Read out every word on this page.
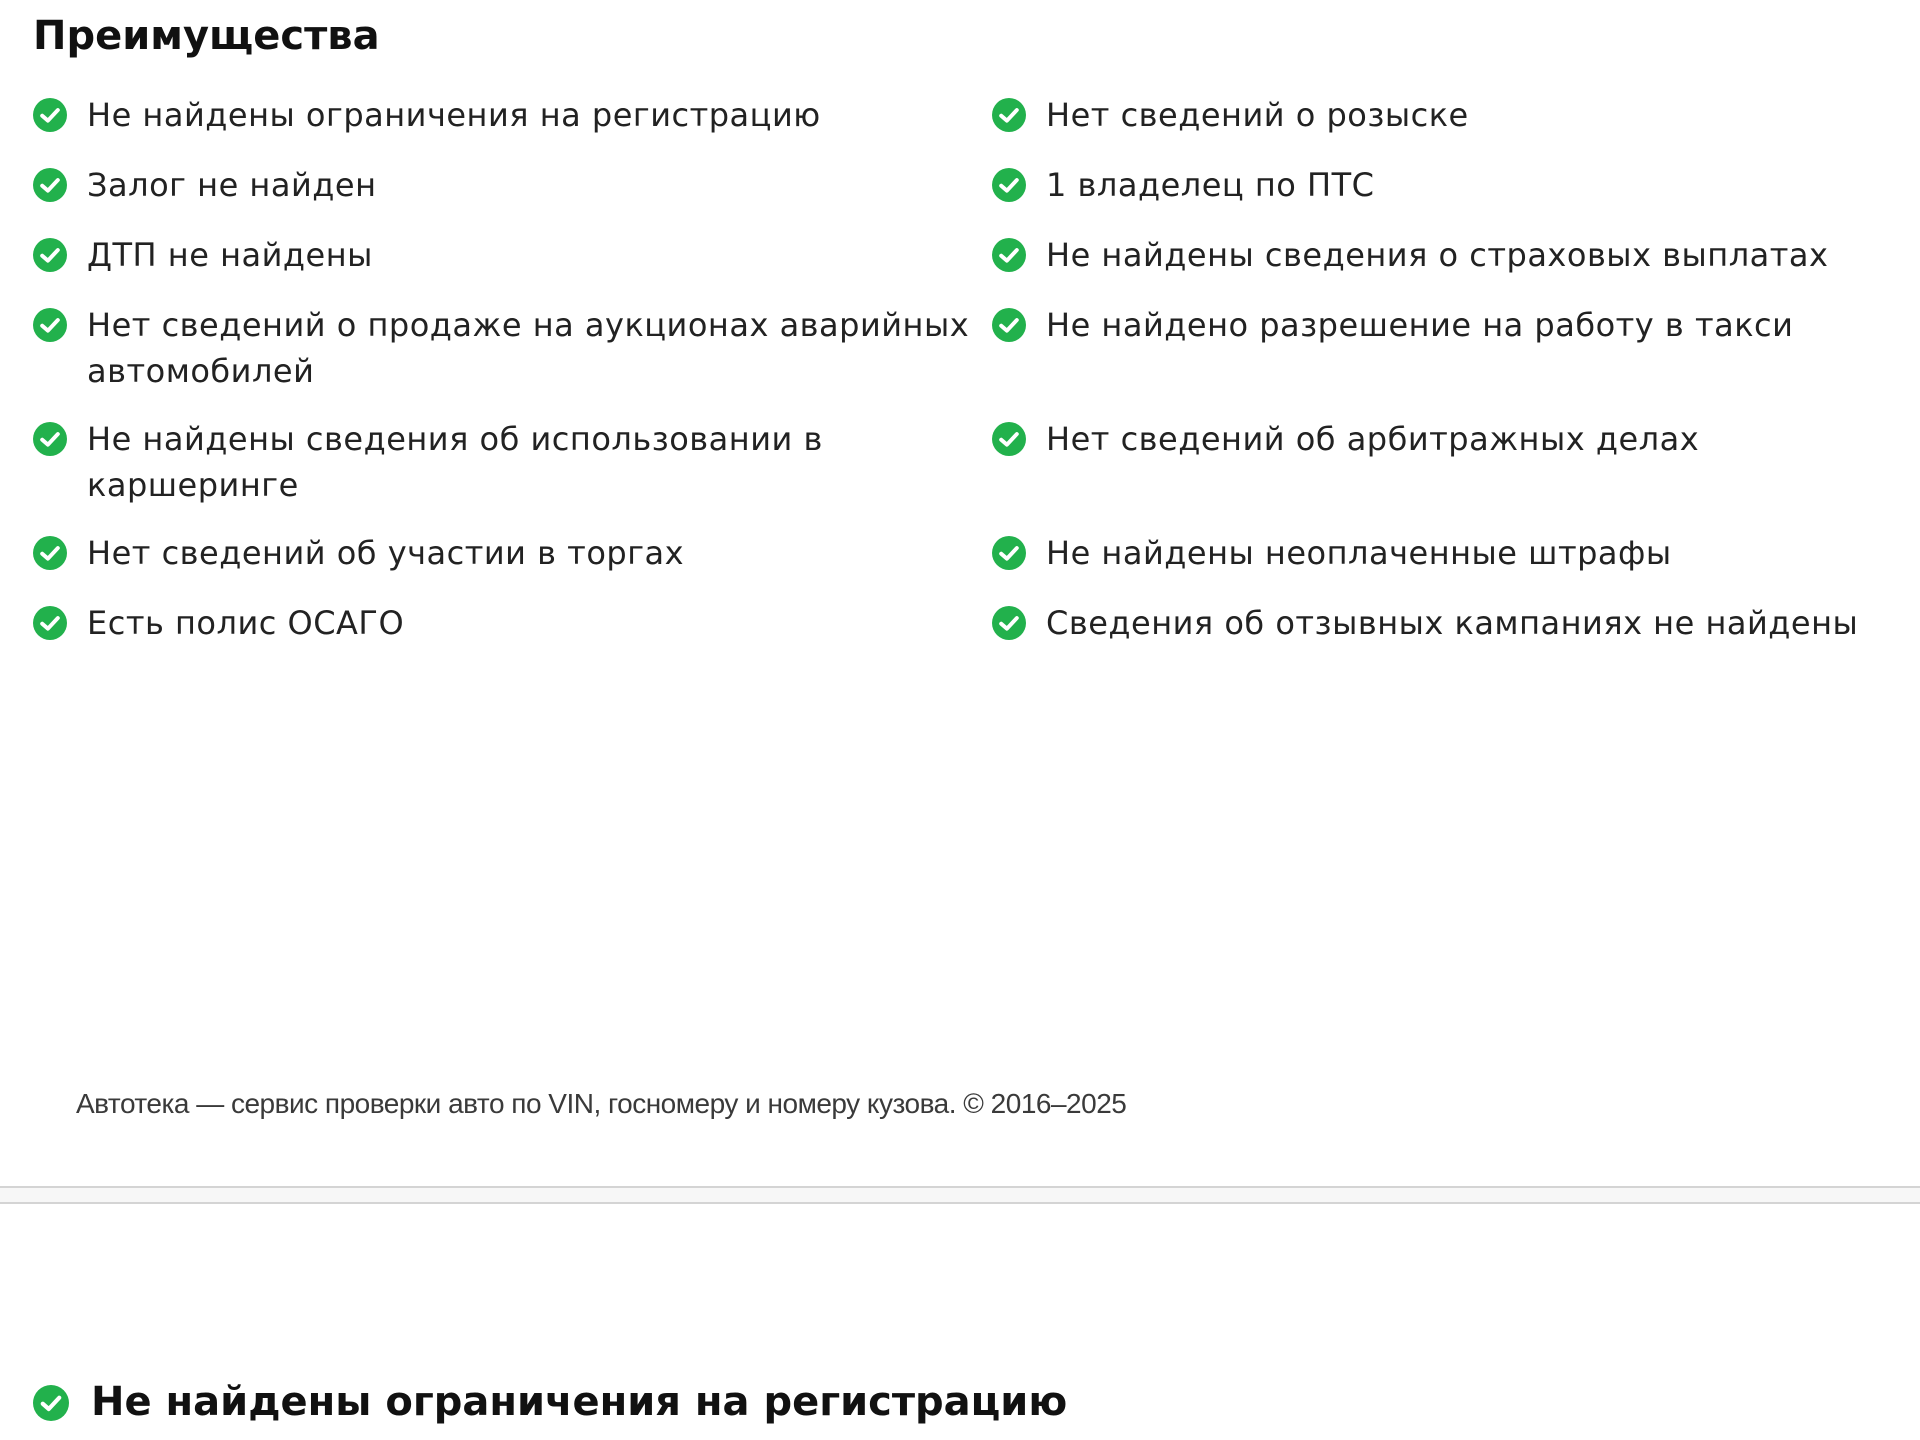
Преимущества
Не найдены ограничения на регистрацию
Залог не найден
ДТП не найдены
Нет сведений о продаже на аукционах аварийных автомобилей
Не найдены сведения об использовании в каршеринге
Нет сведений об участии в торгах
Есть полис ОСАГО
Нет сведений о розыске
1 владелец по ПТС
Не найдены сведения о страховых выплатах
Не найдено разрешение на работу в такси
Нет сведений об арбитражных делах
Не найдены неоплаченные штрафы
Сведения об отзывных кампаниях не найдены
Автотека — сервис проверки авто по VIN, госномеру и номеру кузова. © 2016–2025
Не найдены ограничения на регистрацию
